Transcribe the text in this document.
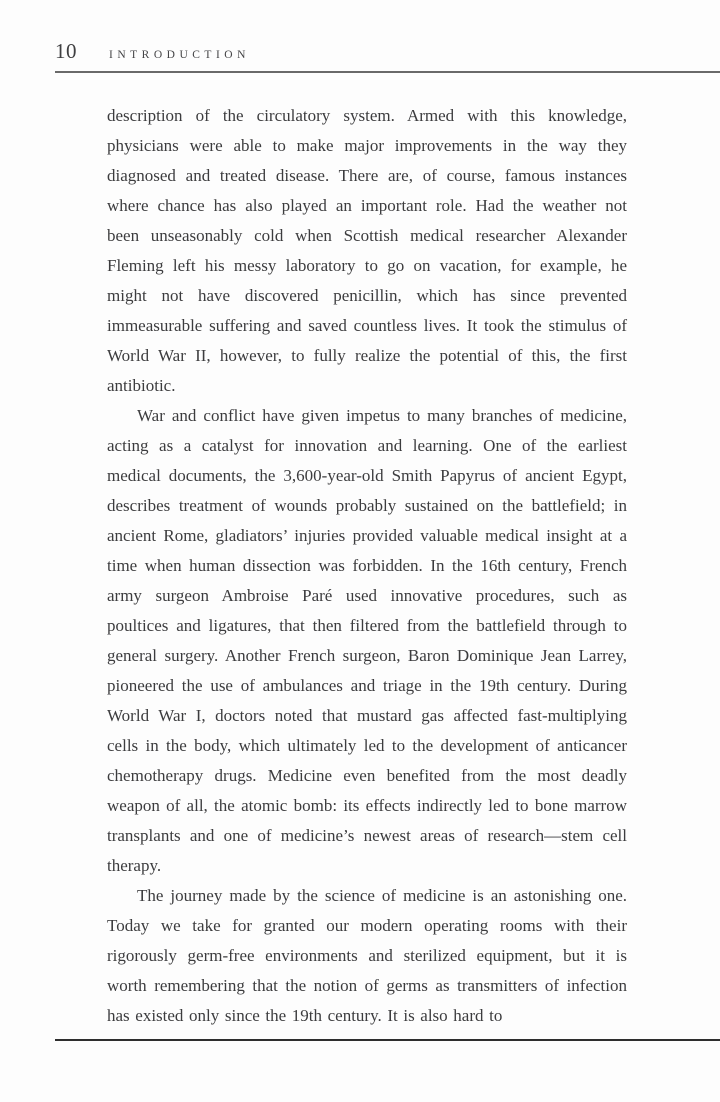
10	INTRODUCTION

description of the circulatory system. Armed with this knowledge, physicians were able to make major improvements in the way they diagnosed and treated disease. There are, of course, famous instances where chance has also played an important role. Had the weather not been unseasonably cold when Scottish medical researcher Alexander Fleming left his messy laboratory to go on vacation, for example, he might not have discovered penicillin, which has since prevented immeasurable suffering and saved countless lives. It took the stimulus of World War II, however, to fully realize the potential of this, the first antibiotic.

War and conflict have given impetus to many branches of medicine, acting as a catalyst for innovation and learning. One of the earliest medical documents, the 3,600-year-old Smith Papyrus of ancient Egypt, describes treatment of wounds probably sustained on the battlefield; in ancient Rome, gladiators’ injuries provided valuable medical insight at a time when human dissection was forbidden. In the 16th century, French army surgeon Ambroise Paré used innovative procedures, such as poultices and ligatures, that then filtered from the battlefield through to general surgery. Another French surgeon, Baron Dominique Jean Larrey, pioneered the use of ambulances and triage in the 19th century. During World War I, doctors noted that mustard gas affected fast-multiplying cells in the body, which ultimately led to the development of anticancer chemotherapy drugs. Medicine even benefited from the most deadly weapon of all, the atomic bomb: its effects indirectly led to bone marrow transplants and one of medicine’s newest areas of research—stem cell therapy.

The journey made by the science of medicine is an astonishing one. Today we take for granted our modern operating rooms with their rigorously germ-free environments and sterilized equipment, but it is worth remembering that the notion of germs as transmitters of infection has existed only since the 19th century. It is also hard to
